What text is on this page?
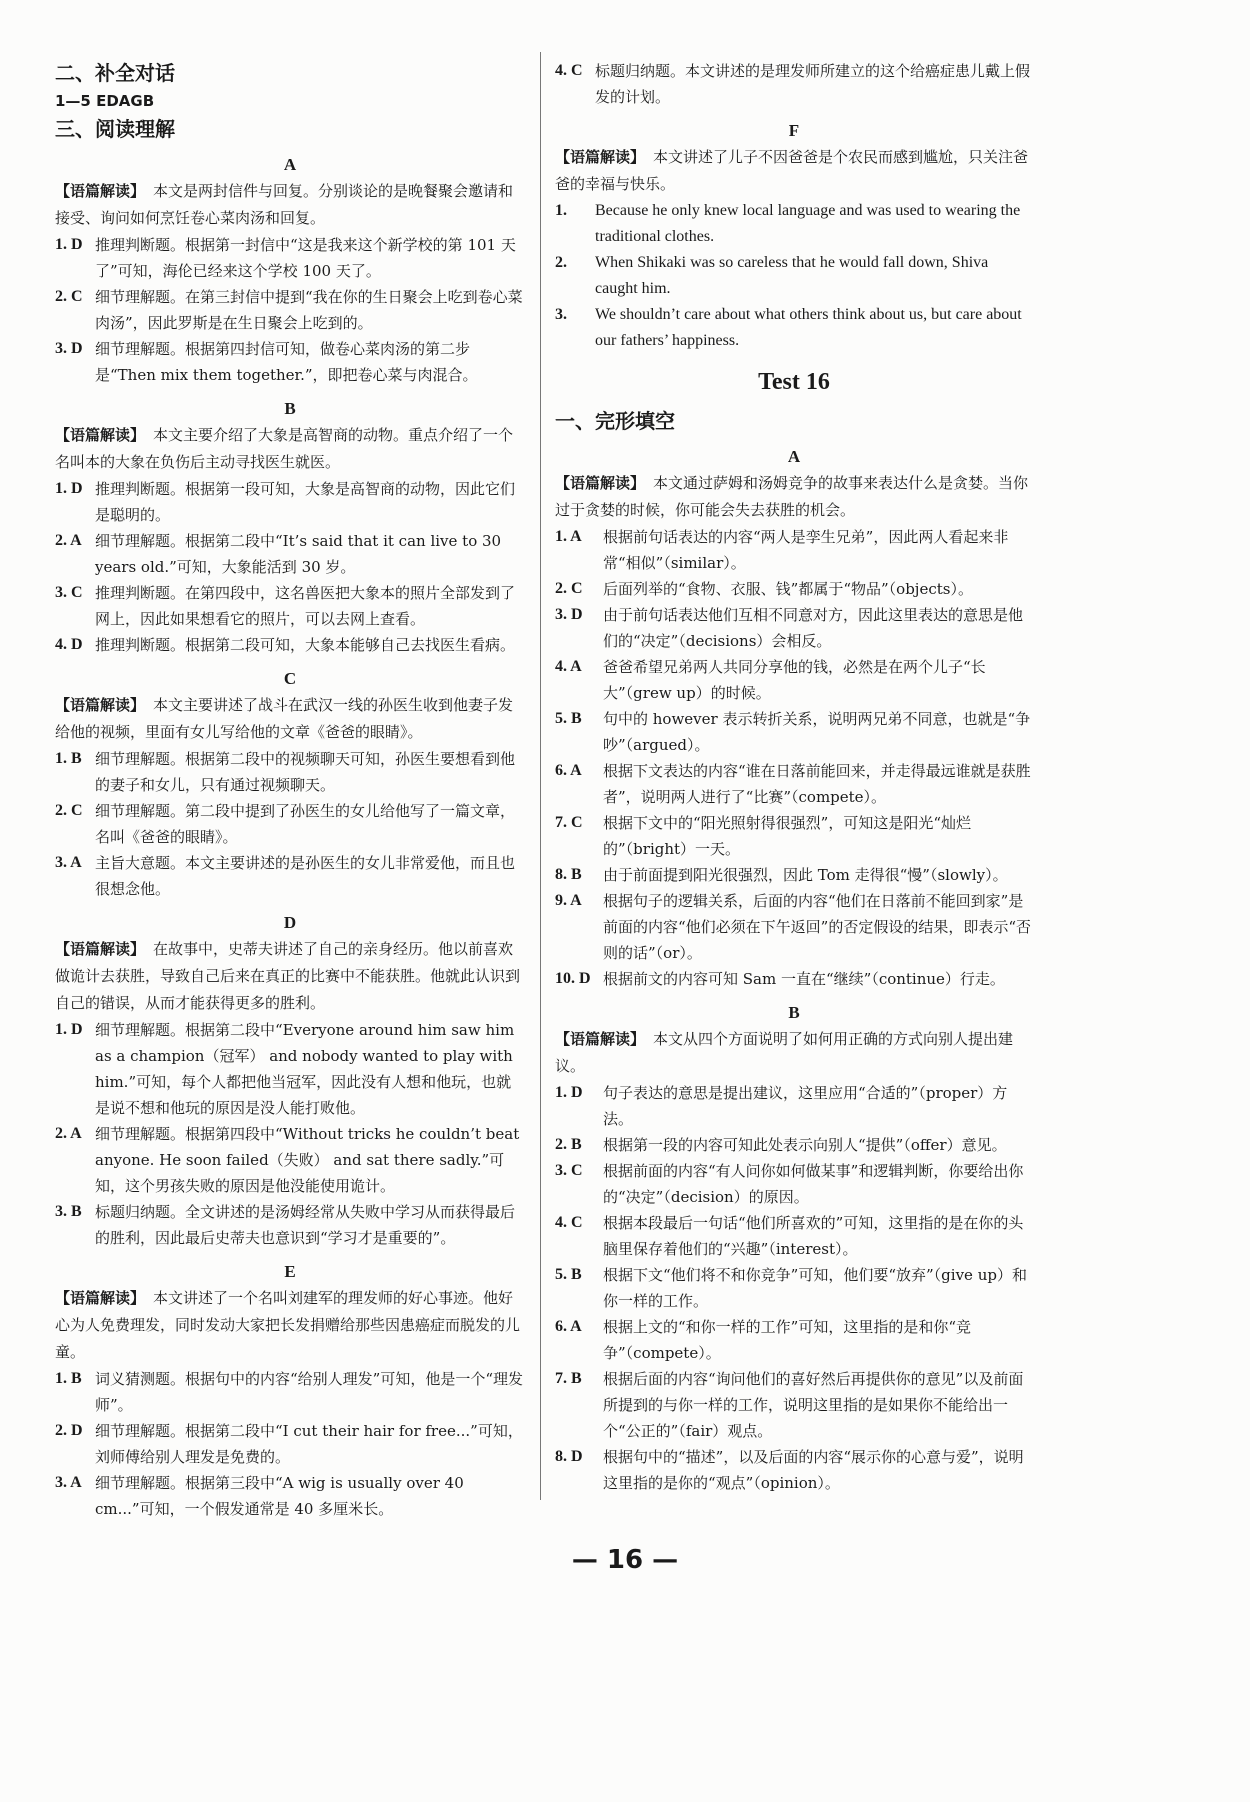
二、补全对话

1—5 EDAGB

三、阅读理解

A

【语篇解读】 本文是两封信件与回复。分别谈论的是晚餐聚会邀请和接受、询问如何烹饪卷心菜肉汤和回复。

1. D 推理判断题。根据第一封信中“这是我来这个新学校的第 101 天了”可知，海伦已经来这个学校 100 天了。
2. C 细节理解题。在第三封信中提到“我在你的生日聚会上吃到卷心菜肉汤”，因此罗斯是在生日聚会上吃到的。
3. D 细节理解题。根据第四封信可知，做卷心菜肉汤的第二步是“Then mix them together.”，即把卷心菜与肉混合。
B

【语篇解读】 本文主要介绍了大象是高智商的动物。重点介绍了一个名叫本的大象在负伤后主动寻找医生就医。

1. D 推理判断题。根据第一段可知，大象是高智商的动物，因此它们是聪明的。
2. A 细节理解题。根据第二段中“It’s said that it can live to 30 years old.”可知，大象能活到 30 岁。
3. C 推理判断题。在第四段中，这名兽医把大象本的照片全部发到了网上，因此如果想看它的照片，可以去网上查看。
4. D 推理判断题。根据第二段可知，大象本能够自己去找医生看病。
C

【语篇解读】 本文主要讲述了战斗在武汉一线的孙医生收到他妻子发给他的视频，里面有女儿写给他的文章《爸爸的眼睛》。

1. B 细节理解题。根据第二段中的视频聊天可知，孙医生要想看到他的妻子和女儿，只有通过视频聊天。
2. C 细节理解题。第二段中提到了孙医生的女儿给他写了一篇文章，名叫《爸爸的眼睛》。
3. A 主旨大意题。本文主要讲述的是孙医生的女儿非常爱他，而且也很想念他。
D

【语篇解读】 在故事中，史蒂夫讲述了自己的亲身经历。他以前喜欢做诡计去获胜，导致自己后来在真正的比赛中不能获胜。他就此认识到自己的错误，从而才能获得更多的胜利。

1. D 细节理解题。根据第二段中“Everyone around him saw him as a champion（冠军） and nobody wanted to play with him.”可知，每个人都把他当冠军，因此没有人想和他玩，也就是说不想和他玩的原因是没人能打败他。
2. A 细节理解题。根据第四段中“Without tricks he couldn’t beat anyone. He soon failed（失败） and sat there sadly.”可知，这个男孩失败的原因是他没能使用诡计。
3. B 标题归纳题。全文讲述的是汤姆经常从失败中学习从而获得最后的胜利，因此最后史蒂夫也意识到“学习才是重要的”。
E

【语篇解读】 本文讲述了一个名叫刘建军的理发师的好心事迹。他好心为人免费理发，同时发动大家把长发捐赠给那些因患癌症而脱发的儿童。

1. B 词义猜测题。根据句中的内容“给别人理发”可知，他是一个“理发师”。
2. D 细节理解题。根据第二段中“I cut their hair for free...”可知，刘师傅给别人理发是免费的。
3. A 细节理解题。根据第三段中“A wig is usually over 40 cm...”可知，一个假发通常是 40 多厘米长。
4. C 标题归纳题。本文讲述的是理发师所建立的这个给癌症患儿戴上假发的计划。
F

【语篇解读】 本文讲述了儿子不因爸爸是个农民而感到尴尬，只关注爸爸的幸福与快乐。

1.	Because he only knew local language and was used to wearing the traditional clothes.
2.	When Shikaki was so careless that he would fall down, Shiva caught him.
3.	We shouldn’t care about what others think about us, but care about our fathers’ happiness.
Test 16

一、完形填空

A

【语篇解读】 本文通过萨姆和汤姆竞争的故事来表达什么是贪婪。当你过于贪婪的时候，你可能会失去获胜的机会。

1. A	根据前句话表达的内容“两人是孪生兄弟”，因此两人看起来非常“相似”（similar）。
2. C	后面列举的“食物、衣服、钱”都属于“物品”（objects）。
3. D	由于前句话表达他们互相不同意对方，因此这里表达的意思是他们的“决定”（decisions）会相反。
4. A	爸爸希望兄弟两人共同分享他的钱，必然是在两个儿子“长大”（grew up）的时候。
5. B	句中的 however 表示转折关系，说明两兄弟不同意，也就是“争吵”（argued）。
6. A	根据下文表达的内容“谁在日落前能回来，并走得最远谁就是获胜者”，说明两人进行了“比赛”（compete）。
7. C	根据下文中的“阳光照射得很强烈”，可知这是阳光“灿烂的”（bright）一天。
8. B	由于前面提到阳光很强烈，因此 Tom 走得很“慢”（slowly）。
9. A	根据句子的逻辑关系，后面的内容“他们在日落前不能回到家”是前面的内容“他们必须在下午返回”的否定假设的结果，即表示“否则的话”（or）。
10. D 根据前文的内容可知 Sam 一直在“继续”（continue）行走。
B

【语篇解读】 本文从四个方面说明了如何用正确的方式向别人提出建议。

1. D	句子表达的意思是提出建议，这里应用“合适的”（proper）方法。
2. B	根据第一段的内容可知此处表示向别人“提供”（offer）意见。
3. C	根据前面的内容“有人问你如何做某事”和逻辑判断，你要给出你的“决定”（decision）的原因。
4. C	根据本段最后一句话“他们所喜欢的”可知，这里指的是在你的头脑里保存着他们的“兴趣”（interest）。
5. B	根据下文“他们将不和你竞争”可知，他们要“放弃”（give up）和你一样的工作。
6. A	根据上文的“和你一样的工作”可知，这里指的是和你“竞争”（compete）。
7. B	根据后面的内容“询问他们的喜好然后再提供你的意见”以及前面所提到的与你一样的工作，说明这里指的是如果你不能给出一个“公正的”（fair）观点。
8. D	根据句中的“描述”，以及后面的内容“展示你的心意与爱”，说明这里指的是你的“观点”（opinion）。
— 16 —
